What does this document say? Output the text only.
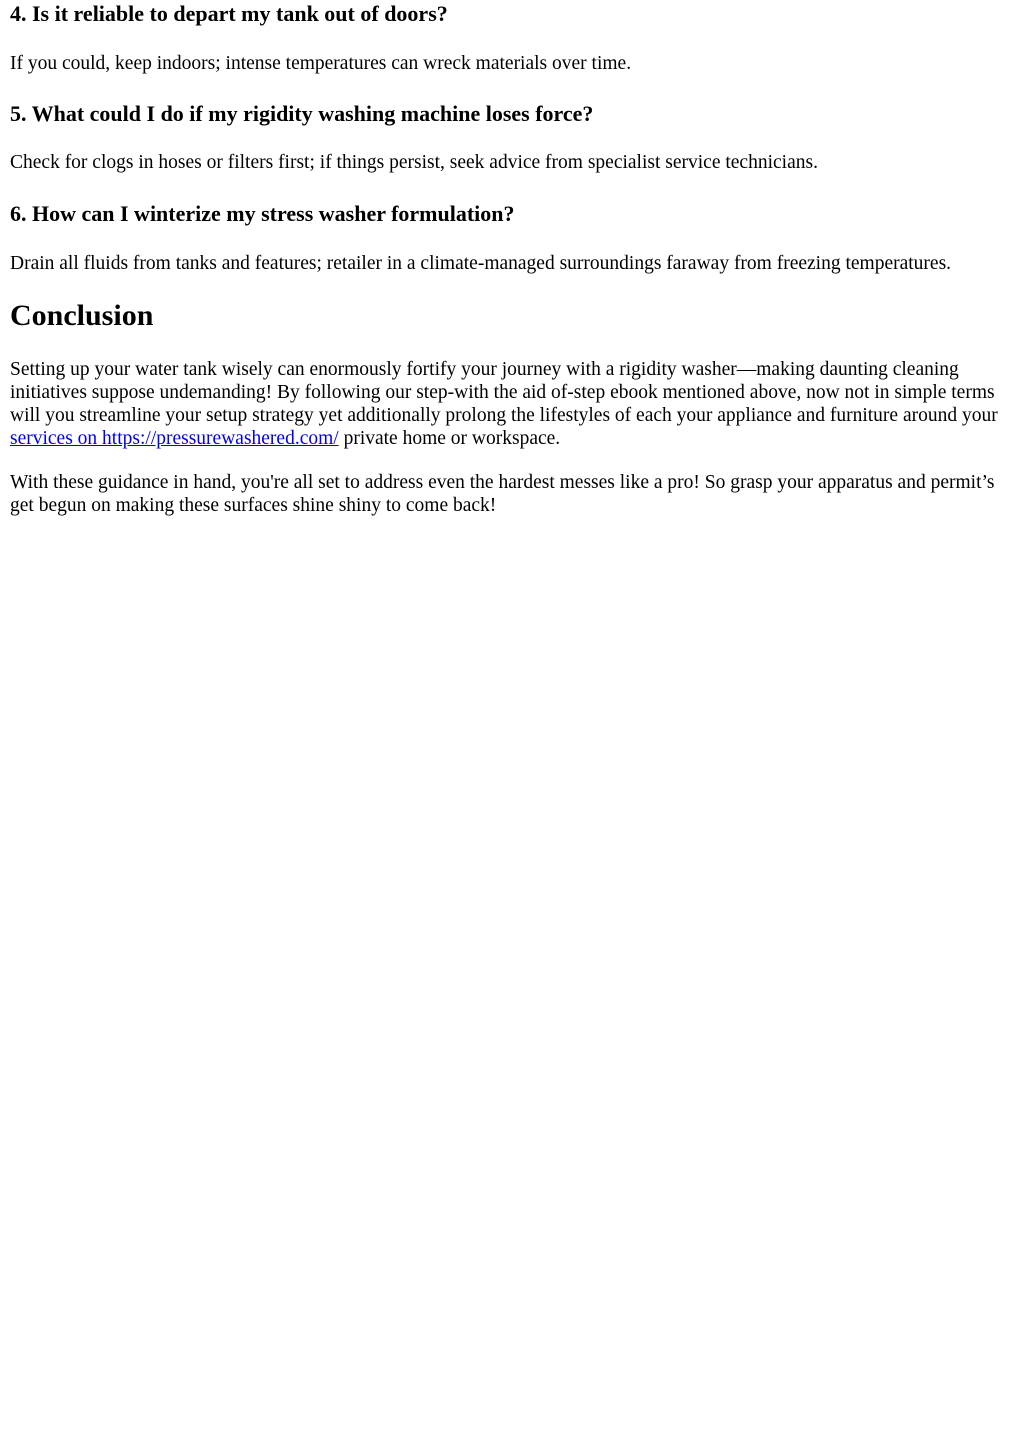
4. Is it reliable to depart my tank out of doors?

If you could, keep indoors; intense temperatures can wreck materials over time.

5. What could I do if my rigidity washing machine loses force?

Check for clogs in hoses or filters first; if things persist, seek advice from specialist service technicians.

6. How can I winterize my stress washer formulation?

Drain all fluids from tanks and features; retailer in a climate-managed surroundings faraway from freezing temperatures.

Conclusion

Setting up your water tank wisely can enormously fortify your journey with a rigidity washer—making daunting cleaning initiatives suppose undemanding! By following our step-with the aid of-step ebook mentioned above, now not in simple terms will you streamline your setup strategy yet additionally prolong the lifestyles of each your appliance and furniture around your services on https://pressurewashered.com/ private home or workspace.

With these guidance in hand, you're all set to address even the hardest messes like a pro! So grasp your apparatus and permit’s get begun on making these surfaces shine shiny to come back!
